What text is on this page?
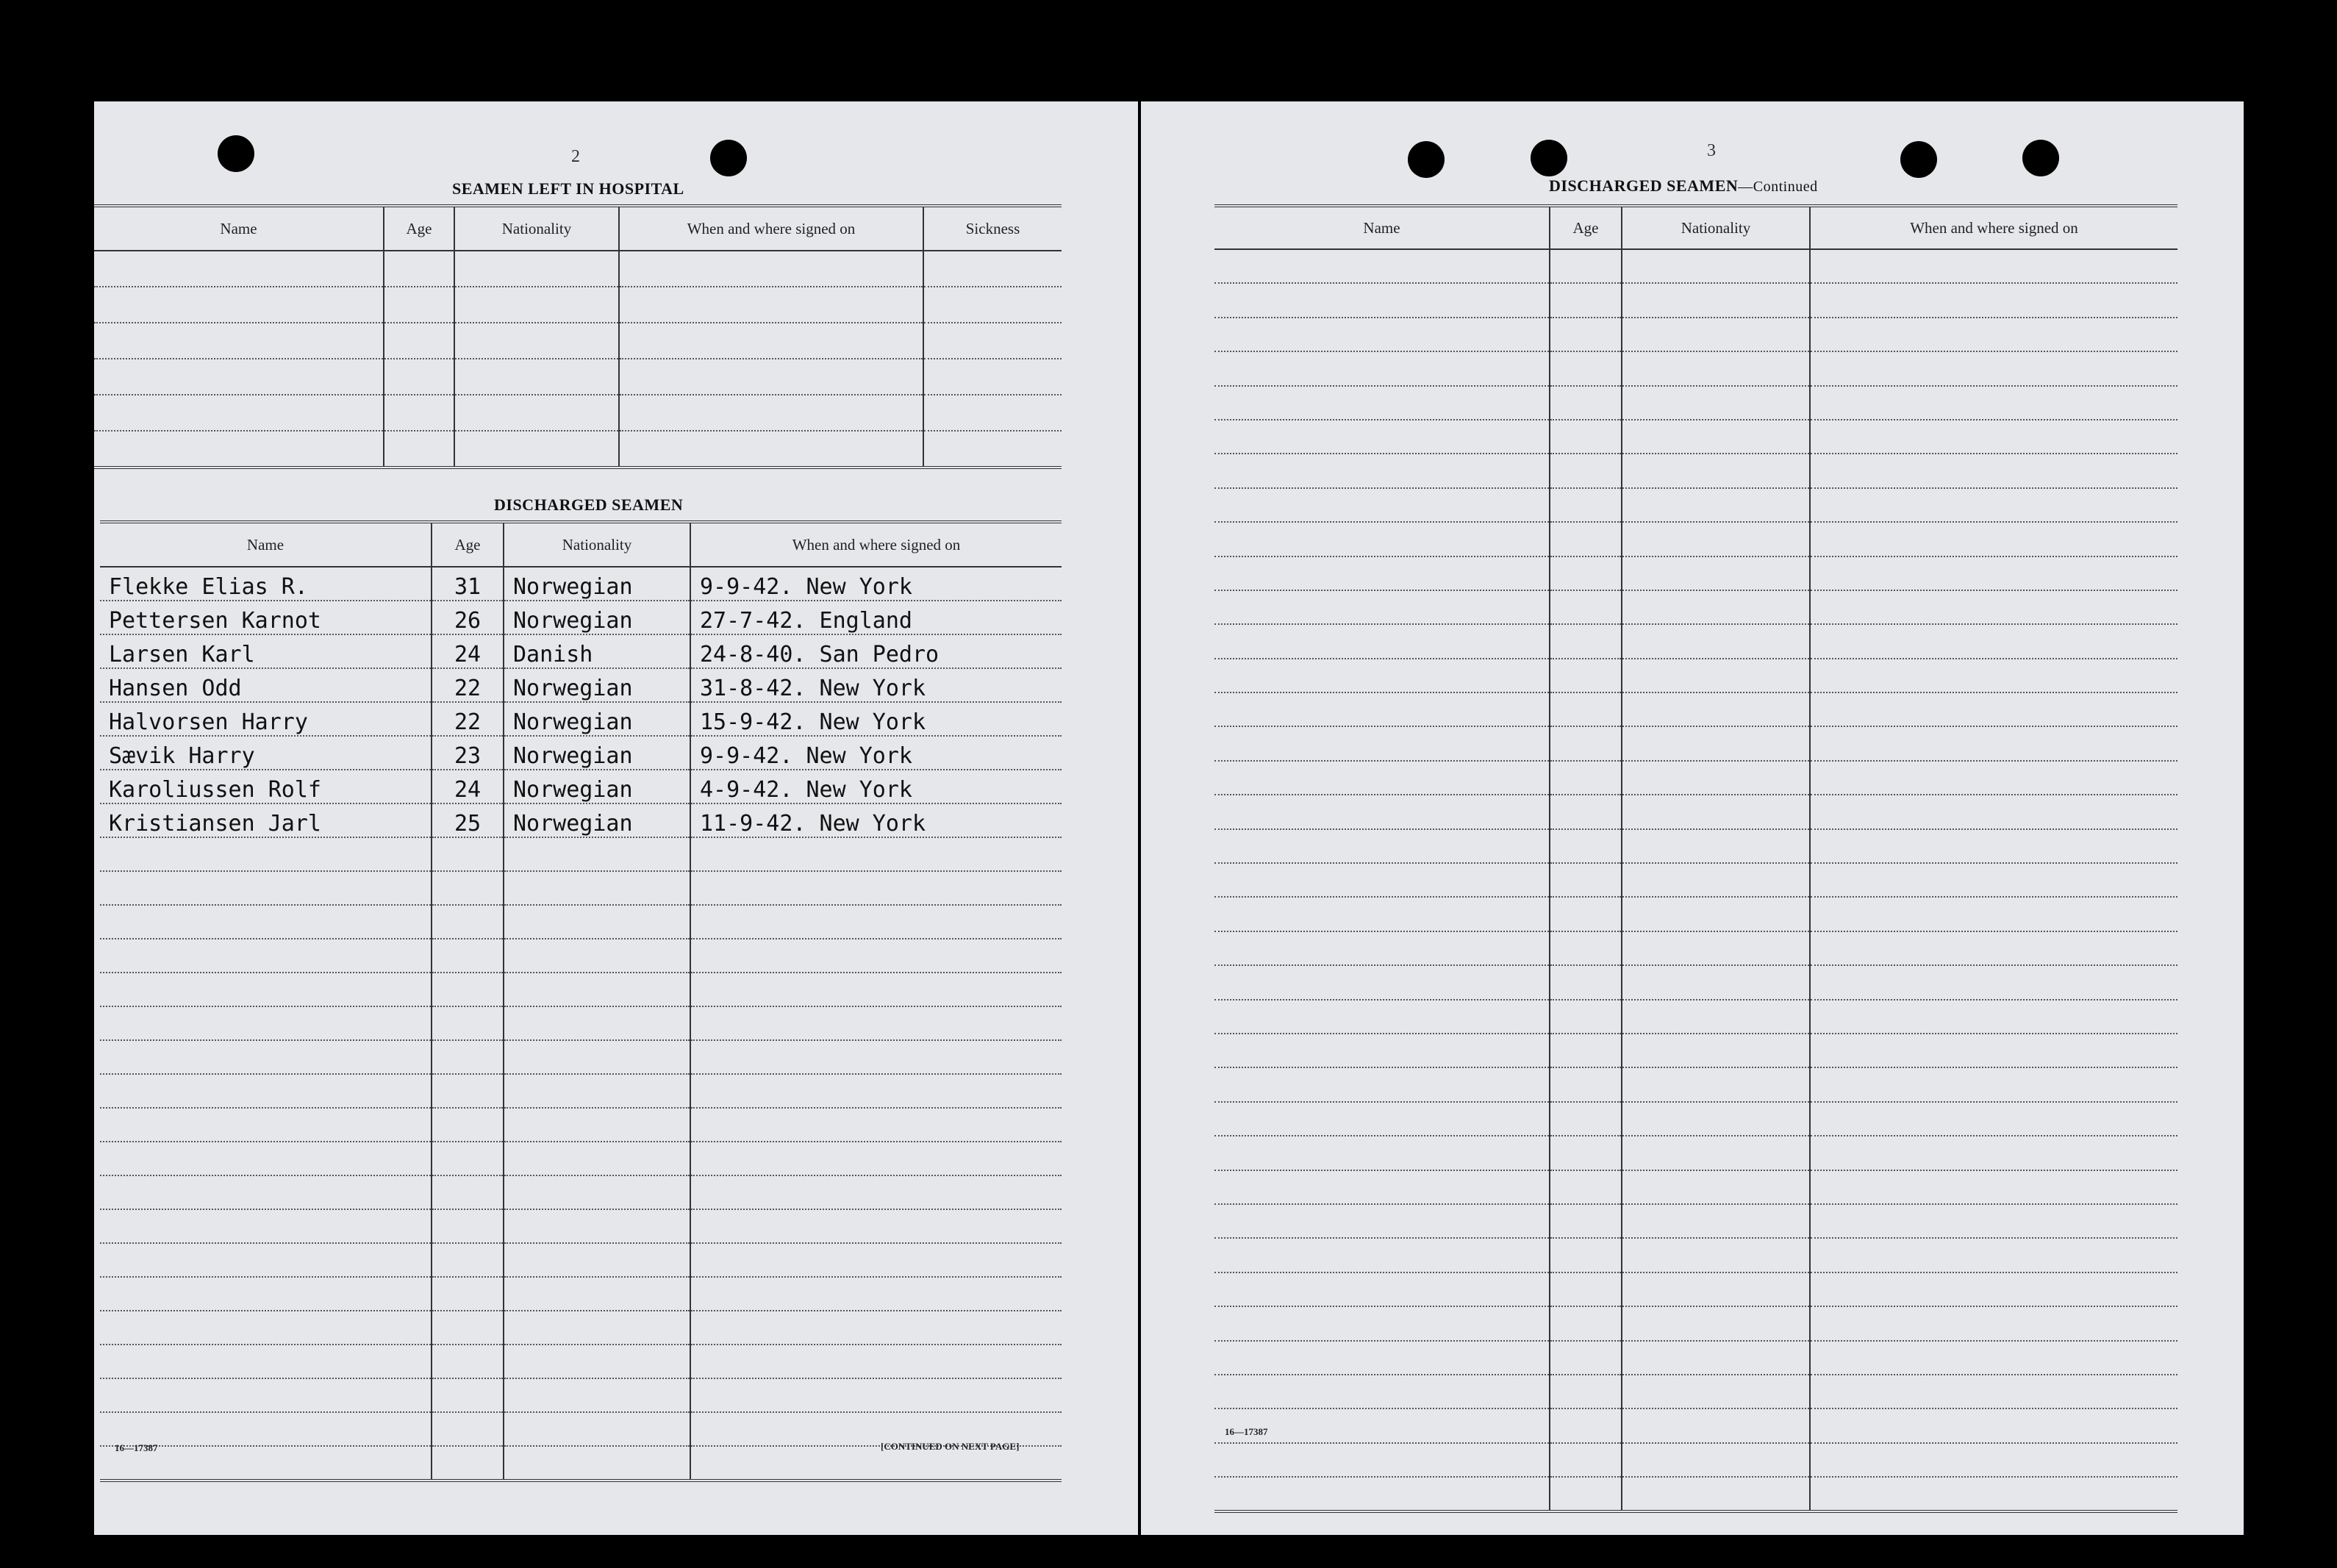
2
SEAMEN LEFT IN HOSPITAL
Name	Age	Nationality	When and where signed on	Sickness

DISCHARGED SEAMEN
Name	Age	Nationality	When and where signed on
Flekke Elias R.	31	Norwegian	9-9-42. New York
Pettersen Karnot	26	Norwegian	27-7-42. England
Larsen Karl	24	Danish	24-8-40. San Pedro
Hansen Odd	22	Norwegian	31-8-42. New York
Halvorsen Harry	22	Norwegian	15-9-42. New York
Sævik Harry	23	Norwegian	9-9-42. New York
Karoliussen Rolf	24	Norwegian	4-9-42. New York
Kristiansen Jarl	25	Norwegian	11-9-42. New York

16—17387	[CONTINUED ON NEXT PAGE]
3
DISCHARGED SEAMEN—Continued
Name	Age	Nationality	When and where signed on

16—17387
